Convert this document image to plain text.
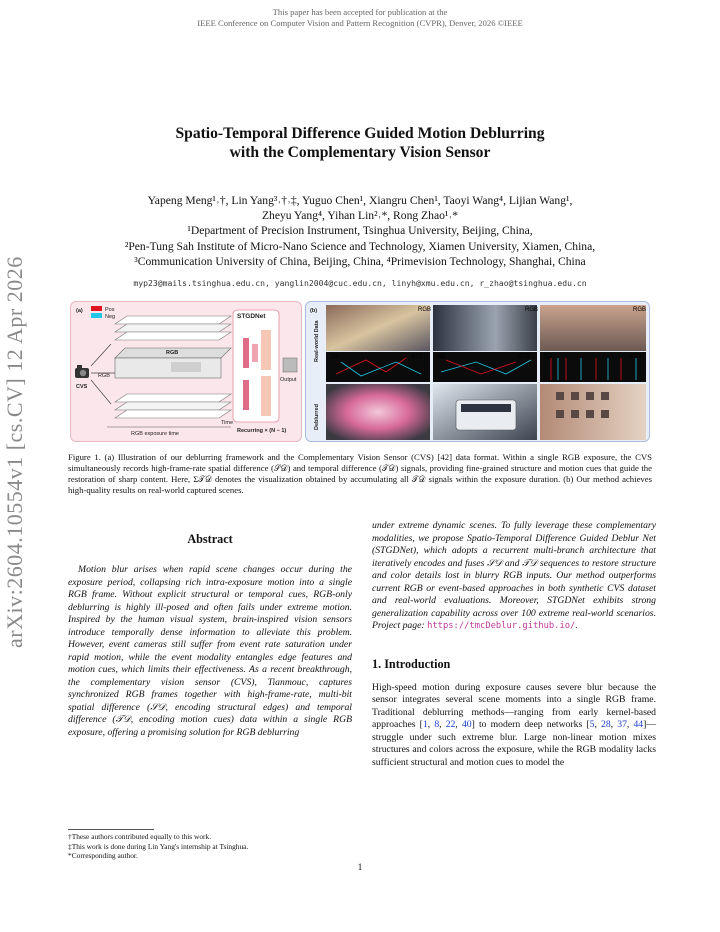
This paper has been accepted for publication at the
IEEE Conference on Computer Vision and Pattern Recognition (CVPR), Denver, 2026 ©IEEE
arXiv:2604.10554v1 [cs.CV] 12 Apr 2026
Spatio-Temporal Difference Guided Motion Deblurring
with the Complementary Vision Sensor
Yapeng Meng¹˒†, Lin Yang³˒†˒‡, Yuguo Chen¹, Xiangru Chen¹, Taoyi Wang⁴, Lijian Wang¹,
Zheyu Yang⁴, Yihan Lin²˒*, Rong Zhao¹˒*
¹Department of Precision Instrument, Tsinghua University, Beijing, China,
²Pen-Tung Sah Institute of Micro-Nano Science and Technology, Xiamen University, Xiamen, China,
³Communication University of China, Beijing, China, ⁴Primevision Technology, Shanghai, China
myp23@mails.tsinghua.edu.cn, yanglin2004@cuc.edu.cn, linyh@xmu.edu.cn, r_zhao@tsinghua.edu.cn
(a)	Pos
Neg
CVS
RGB
RGB
Time
RGB exposure time
STGDNet
Recurring × (N − 1)
Output
(b)
Real-world Data
Deblurred
RGB	RGB	RGB
SD	STD SD	STD SD	STD
Figure 1. (a) Illustration of our deblurring framework and the Complementary Vision Sensor (CVS) [42] data format. Within a single RGB exposure, the CVS simultaneously records high-frame-rate spatial difference (𝒮𝒟) and temporal difference (𝒯𝒟) signals, providing fine-grained structure and motion cues that guide the restoration of sharp content. Here, Σ𝒯𝒟 denotes the visualization obtained by accumulating all 𝒯𝒟 signals within the exposure duration. (b) Our method achieves high-quality results on real-world captured scenes.
Abstract
Motion blur arises when rapid scene changes occur during the exposure period, collapsing rich intra-exposure motion into a single RGB frame. Without explicit structural or temporal cues, RGB-only deblurring is highly ill-posed and often fails under extreme motion. Inspired by the human visual system, brain-inspired vision sensors introduce temporally dense information to alleviate this problem. However, event cameras still suffer from event rate saturation under rapid motion, while the event modality entangles edge features and motion cues, which limits their effectiveness. As a recent breakthrough, the complementary vision sensor (CVS), Tianmouc, captures synchronized RGB frames together with high-frame-rate, multi-bit spatial difference (𝒮𝒟, encoding structural edges) and temporal difference (𝒯𝒟, encoding motion cues) data within a single RGB exposure, offering a promising solution for RGB deblurring
†These authors contributed equally to this work.
‡This work is done during Lin Yang's internship at Tsinghua.
*Corresponding author.
under extreme dynamic scenes. To fully leverage these complementary modalities, we propose Spatio-Temporal Difference Guided Deblur Net (STGDNet), which adopts a recurrent multi-branch architecture that iteratively encodes and fuses 𝒮𝒟 and 𝒯𝒟 sequences to restore structure and color details lost in blurry RGB inputs. Our method outperforms current RGB or event-based approaches in both synthetic CVS dataset and real-world evaluations. Moreover, STGDNet exhibits strong generalization capability across over 100 extreme real-world scenarios. Project page: https://tmcDeblur.github.io/.
1. Introduction
High-speed motion during exposure causes severe blur because the sensor integrates several scene moments into a single RGB frame. Traditional deblurring methods—ranging from early kernel-based approaches [1, 8, 22, 40] to modern deep networks [5, 28, 37, 44]—struggle under such extreme blur. Large non-linear motion mixes structures and colors across the exposure, while the RGB modality lacks sufficient structural and motion cues to model the
1
